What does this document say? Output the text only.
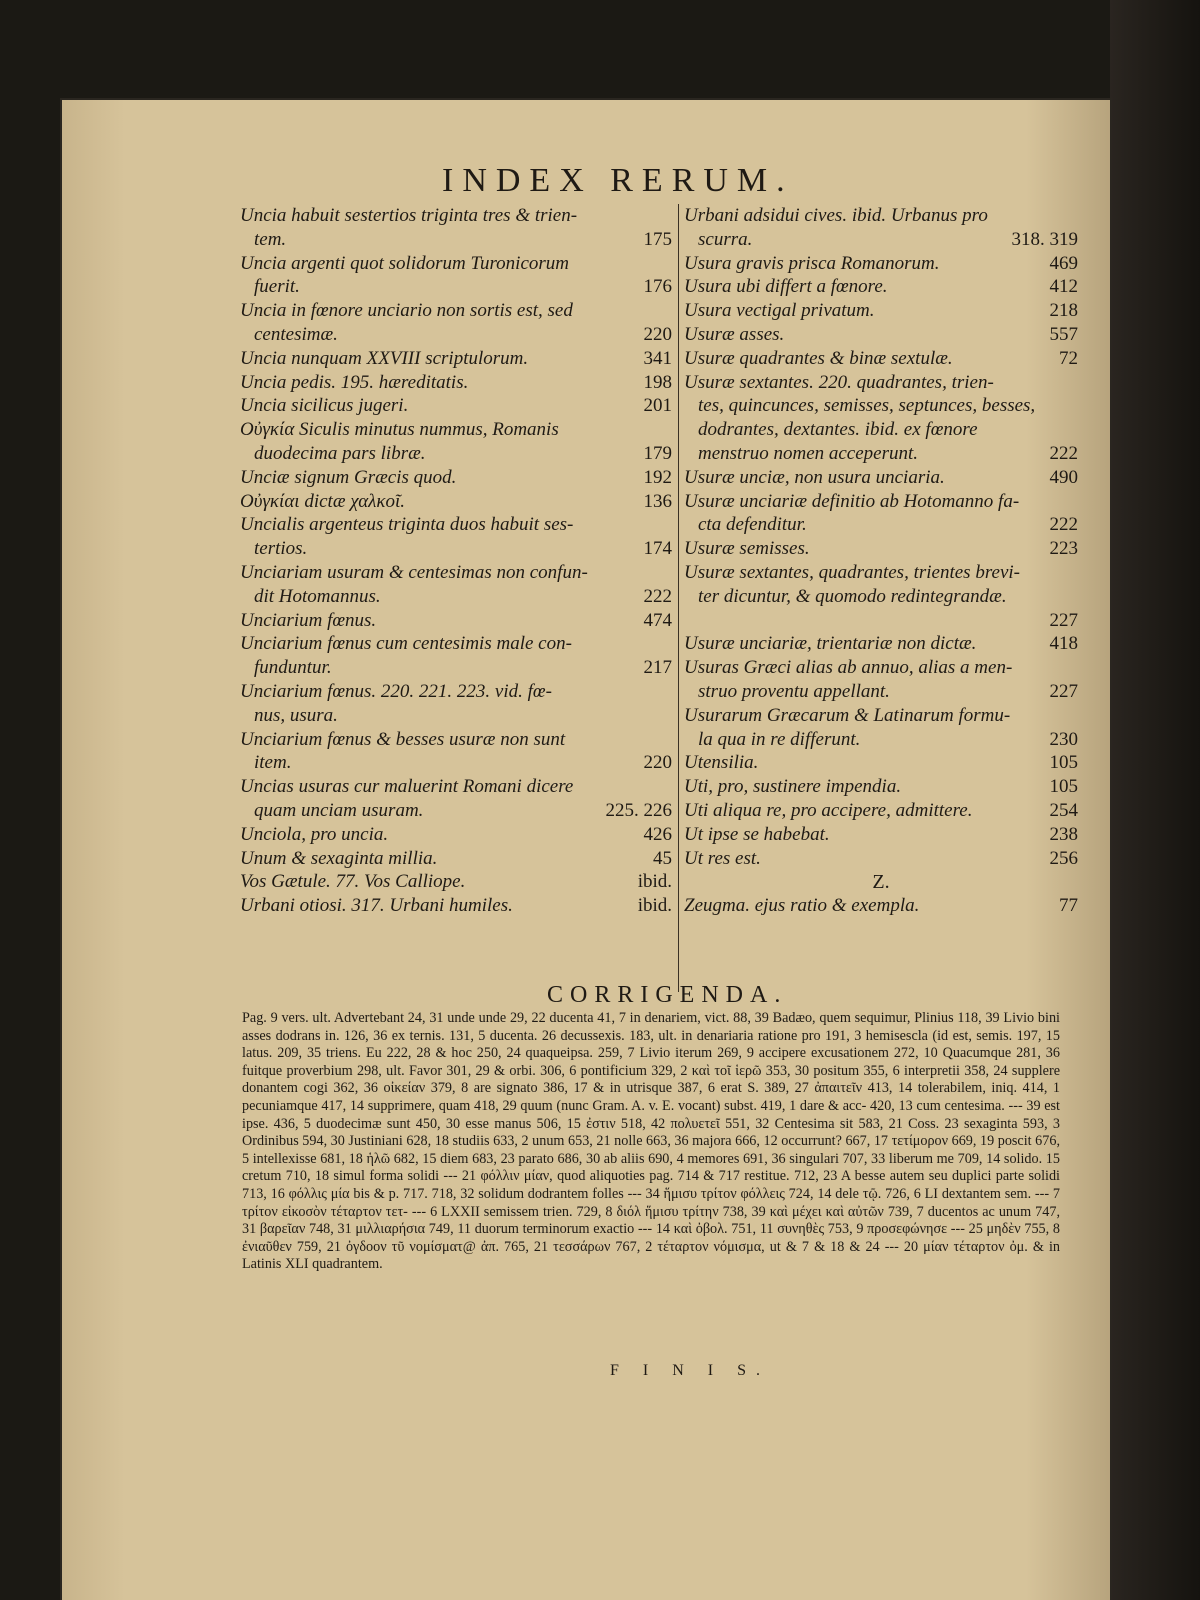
INDEX RERUM.
Uncia habuit sestertios triginta tres & trien-
175
tem.
Uncia argenti quot solidorum Turonicorum
176
fuerit.
Uncia in fœnore unciario non sortis est, sed
220
centesimæ.
341
Uncia nunquam XXVIII scriptulorum.
198
Uncia pedis. 195. hæreditatis.
201
Uncia sicilicus jugeri.
Οὐγκία Siculis minutus nummus, Romanis
179
duodecima pars libræ.
192
Unciæ signum Græcis quod.
136
Οὐγκίαι dictæ χαλκοῖ.
Uncialis argenteus triginta duos habuit ses-
174
tertios.
Unciariam usuram & centesimas non confun-
222
dit Hotomannus.
474
Unciarium fœnus.
Unciarium fœnus cum centesimis male con-
217
funduntur.
Unciarium fœnus. 220. 221. 223. vid. fœ-
nus, usura.
Unciarium fœnus & besses usuræ non sunt
220
item.
Uncias usuras cur maluerint Romani dicere
225. 226
quam unciam usuram.
426
Unciola, pro uncia.
45
Unum & sexaginta millia.
ibid.
Vos Gætule. 77. Vos Calliope.
ibid.
Urbani otiosi. 317. Urbani humiles.
Urbani adsidui cives. ibid. Urbanus pro
318. 319
scurra.
469
Usura gravis prisca Romanorum.
412
Usura ubi differt a fœnore.
218
Usura vectigal privatum.
557
Usuræ asses.
72
Usuræ quadrantes & binæ sextulæ.
Usuræ sextantes. 220. quadrantes, trien-
tes, quincunces, semisses, septunces, besses,
dodrantes, dextantes. ibid. ex fœnore
222
menstruo nomen acceperunt.
490
Usuræ unciæ, non usura unciaria.
Usuræ unciariæ definitio ab Hotomanno fa-
222
cta defenditur.
223
Usuræ semisses.
Usuræ sextantes, quadrantes, trientes brevi-
ter dicuntur, & quomodo redintegrandæ.
227

418
Usuræ unciariæ, trientariæ non dictæ.
Usuras Græci alias ab annuo, alias a men-
227
struo proventu appellant.
Usurarum Græcarum & Latinarum formu-
230
la qua in re differunt.
105
Utensilia.
105
Uti, pro, sustinere impendia.
254
Uti aliqua re, pro accipere, admittere.
238
Ut ipse se habebat.
256
Ut res est.
Z.
77
Zeugma. ejus ratio & exempla.
CORRIGENDA.
Pag. 9 vers. ult. Advertebant 24, 31 unde unde 29, 22 ducenta 41, 7 in denariem, vict. 88, 39 Badæo, quem sequimur, Plinius 118, 39 Livio bini asses dodrans in. 126, 36 ex ternis. 131, 5 ducenta. 26 decussexis. 183, ult. in denariaria ratione pro 191, 3 hemisescla (id est, semis. 197, 15 latus. 209, 35 triens. Eu 222, 28 & hoc 250, 24 quaqueipsa. 259, 7 Livio iterum 269, 9 accipere excusationem 272, 10 Quacumque 281, 36 fuitque proverbium 298, ult. Favor 301, 29 & orbi. 306, 6 pontificium 329, 2 καὶ τοῖ ἱερῶ 353, 30 positum 355, 6 interpretii 358, 24 supplere donantem cogi 362, 36 οἰκείαν 379, 8 are signato 386, 17 & in utrisque 387, 6 erat S. 389, 27 ἀπαιτεῖν 413, 14 tolerabilem, iniq. 414, 1 pecuniamque 417, 14 supprimere, quam 418, 29 quum (nunc Gram. A. v. E. vocant) subst. 419, 1 dare & acc- 420, 13 cum centesima. --- 39 est ipse. 436, 5 duodecimæ sunt 450, 30 esse manus 506, 15 ἐστιν 518, 42 πολυετεῖ 551, 32 Centesima sit 583, 21 Coss. 23 sexaginta 593, 3 Ordinibus 594, 30 Justiniani 628, 18 studiis 633, 2 unum 653, 21 nolle 663, 36 majora 666, 12 occurrunt? 667, 17 τετίμορον 669, 19 poscit 676, 5 intellexisse 681, 18 ἡλῶ 682, 15 diem 683, 23 parato 686, 30 ab aliis 690, 4 memores 691, 36 singulari 707, 33 liberum me 709, 14 solido. 15 cretum 710, 18 simul forma solidi --- 21 φόλλιν μίαν, quod aliquoties pag. 714 & 717 restitue. 712, 23 A besse autem seu duplici parte solidi 713, 16 φόλλις μία bis & p. 717. 718, 32 solidum dodrantem folles --- 34 ἥμισυ τρίτον φόλλεις 724, 14 dele τῷ. 726, 6 LI dextantem sem. --- 7 τρίτον εἰκοσὸν τέταρτον τετ- --- 6 LXXII semissem trien. 729, 8 διόλ ἥμισυ τρίτην 738, 39 καὶ μέχει καὶ αὐτῶν 739, 7 ducentos ac unum 747, 31 βαρεῖαν 748, 31 μιλλιαρήσια 749, 11 duorum terminorum exactio --- 14 καὶ ὀβολ. 751, 11 συνηθὲς 753, 9 προσεφώνησε --- 25 μηδὲν 755, 8 ἐνιαῦθεν 759, 21 ὀγδοον τῦ νομίσματ@ ἀπ. 765, 21 τεσσάρων 767, 2 τέταρτον νόμισμα, ut & 7 & 18 & 24 --- 20 μίαν τέταρτον ὀμ. & in Latinis XLI quadrantem.
F I N I S.
